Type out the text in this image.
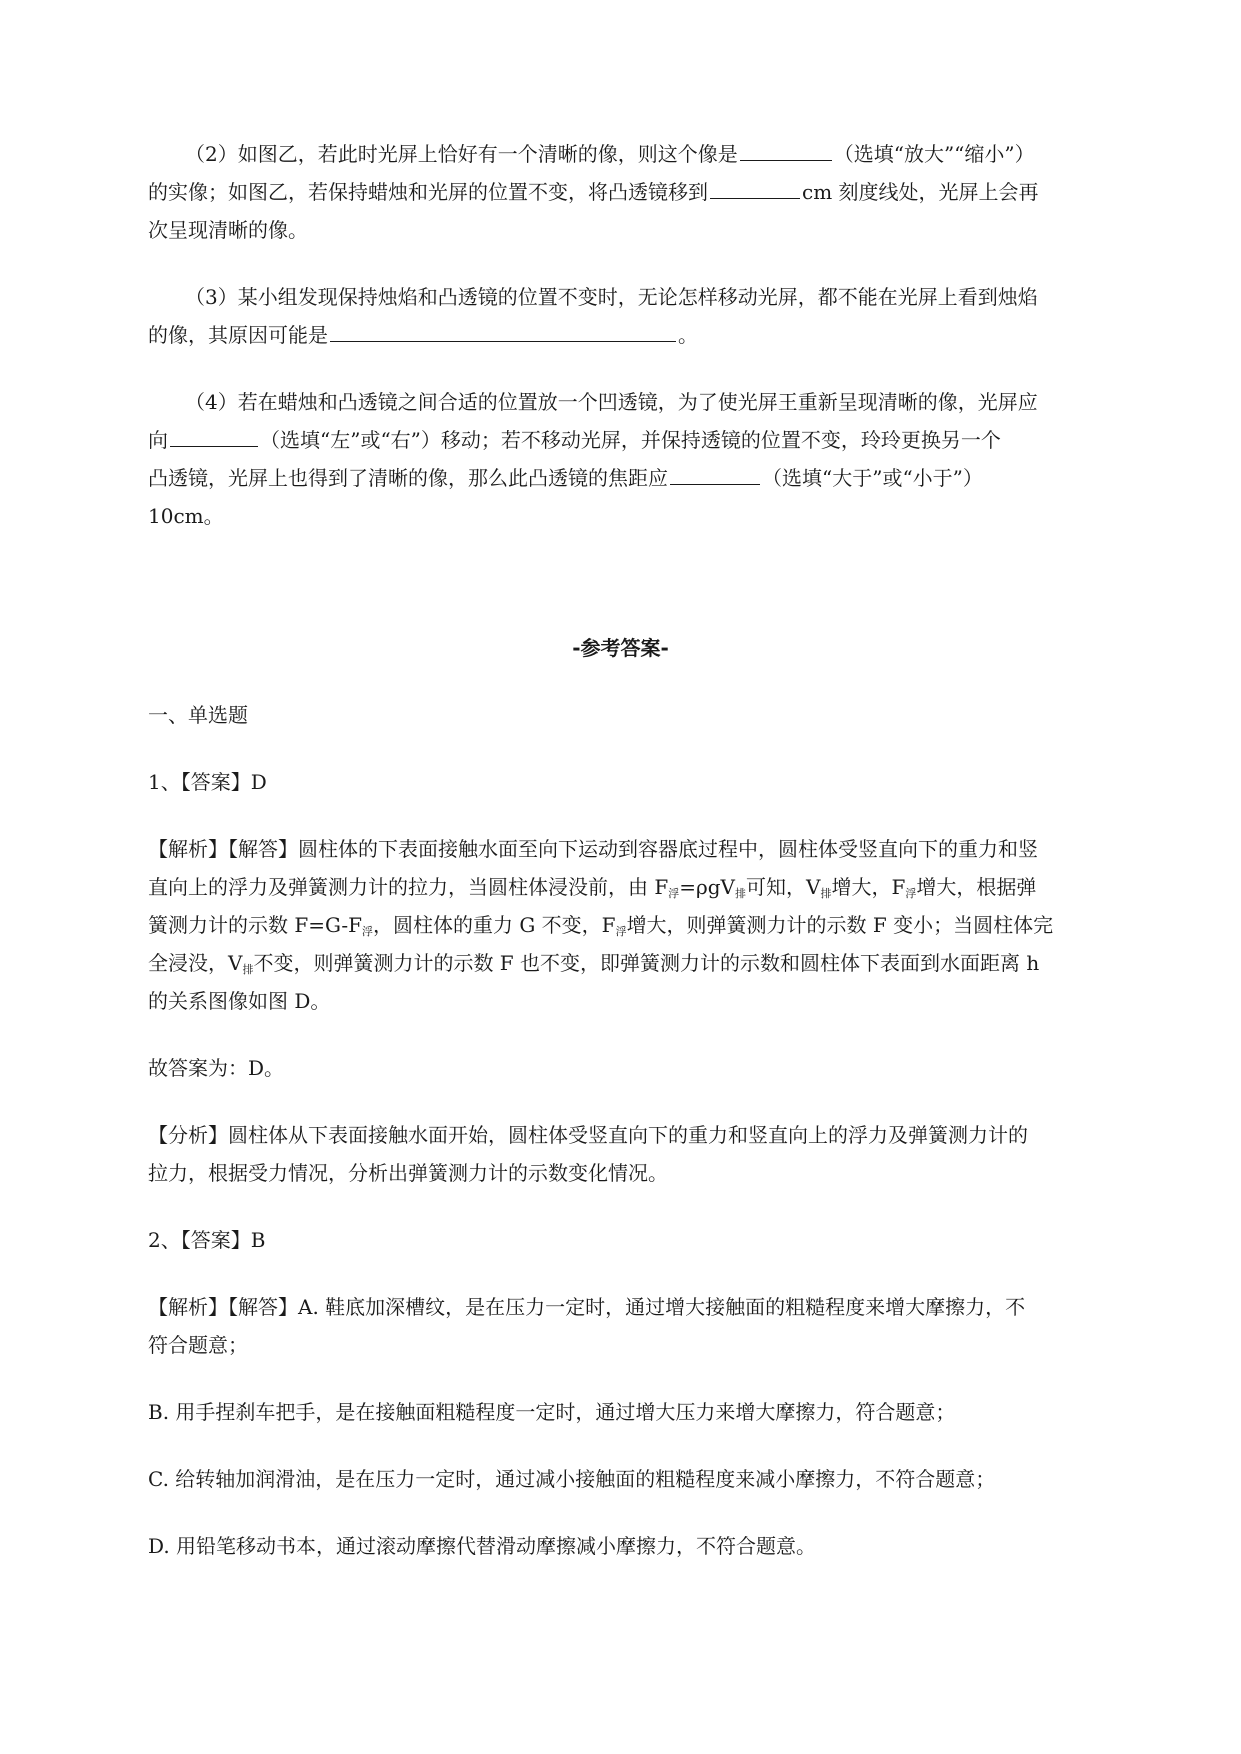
（2）如图乙，若此时光屏上恰好有一个清晰的像，则这个像是	（选填“放大”“缩小”）
的实像；如图乙，若保持蜡烛和光屏的位置不变，将凸透镜移到	cm 刻度线处，光屏上会再
次呈现清晰的像。
（3）某小组发现保持烛焰和凸透镜的位置不变时，无论怎样移动光屏，都不能在光屏上看到烛焰
的像，其原因可能是	。
（4）若在蜡烛和凸透镜之间合适的位置放一个凹透镜，为了使光屏王重新呈现清晰的像，光屏应
向	（选填“左”或“右”）移动；若不移动光屏，并保持透镜的位置不变，玲玲更换另一个
凸透镜，光屏上也得到了清晰的像，那么此凸透镜的焦距应	（选填“大于”或“小于”）
10cm。
-参考答案-
一、单选题
1、【答案】D
【解析】【解答】圆柱体的下表面接触水面至向下运动到容器底过程中，圆柱体受竖直向下的重力和竖
直向上的浮力及弹簧测力计的拉力，当圆柱体浸没前，由 $F_浮=\rho gV_排$可知，$V_排$增大，$F_浮$增大，根据弹
簧测力计的示数 $F=G-F_浮$，圆柱体的重力 G 不变，$F_浮$增大，则弹簧测力计的示数 F 变小；当圆柱体完
全浸没，$V_排$不变，则弹簧测力计的示数 F 也不变，即弹簧测力计的示数和圆柱体下表面到水面距离 h
的关系图像如图 D。
故答案为：D。
【分析】圆柱体从下表面接触水面开始，圆柱体受竖直向下的重力和竖直向上的浮力及弹簧测力计的
拉力，根据受力情况，分析出弹簧测力计的示数变化情况。
2、【答案】B
【解析】【解答】A. 鞋底加深槽纹，是在压力一定时，通过增大接触面的粗糙程度来增大摩擦力，不
符合题意；
B. 用手捏刹车把手，是在接触面粗糙程度一定时，通过增大压力来增大摩擦力，符合题意；
C. 给转轴加润滑油，是在压力一定时，通过减小接触面的粗糙程度来减小摩擦力，不符合题意；
D. 用铅笔移动书本，通过滚动摩擦代替滑动摩擦减小摩擦力，不符合题意。
